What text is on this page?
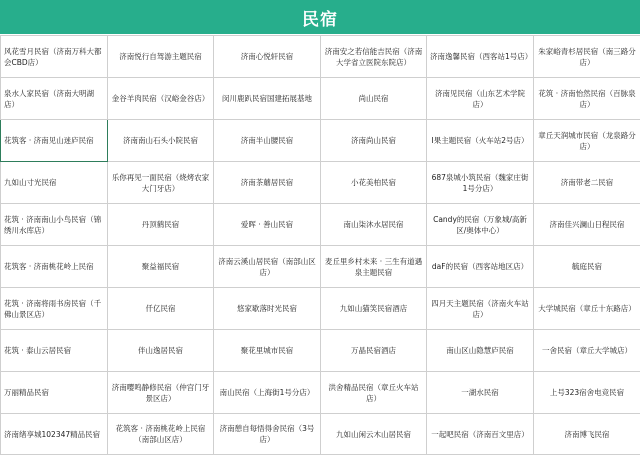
民宿
风花雪月民宿（济南万科大都会CBD店）	济南悦行自驾游主题民宿	济南心悦轩民宿	济南安之若信能吉民宿（济南大学省立医院东院店）	济南逸馨民宿（西客站1号店）	朱家峪青杉居民宿（南三路分店）
泉水人家民宿（济南大明湖店）	金谷羊肉民宿（汉峪金谷店）	闵川鹿趴民宿国建拓展基地	尚山民宿	济南见民宿（山东艺术学院店）	花筑 · 济南怡然民宿（百脉泉店）
花筑客 · 济南见山迷庐民宿	济南南山石头小院民宿	济南半山腰民宿	济南尚山民宿	I果主题民宿（火车站2号店）	章丘天润城市民宿（龙泉路分店）
九如山寸光民宿	乐你再见一面民宿（烧烤农家大门牙店）	济南茶蘑居民宿	小花美柏民宿	687泉城小筑民宿（魏家庄街1号分店）	济南带老二民宿
花筑 · 济南南山小鸟民宿（锦绣川水库店）	丹顶鹤民宿	爱晖 · 善山民宿	南山柒沐水居民宿	Candy的民宿（万象城/高新区/奥体中心）	济南佳兴澜山日程民宿
花筑客 · 济南桃花岭上民宿	聚益福民宿	济南云溪山居民宿（南部山区店）	麦丘里乡村未来 · 三生有道遇泉主题民宿	daF的民宿（西客站地区店）	毓庭民宿
花筑 · 济南将雨书房民宿（千佛山景区店）	仟亿民宿	悠家歇落时光民宿	九如山猫笑民宿酒店	四月天主题民宿（济南火车站店）	大学城民宿（章丘十东路店）
花筑 · 泰山云居民宿	伴山逸居民宿	聚花里城市民宿	万晶民宿酒店	南山区山隐慧庐民宿	一舍民宿（章丘大学城店）
万丽精品民宿	济南嘤鸣静修民宿（仲宫门牙景区店）	南山民宿（上海街1号分店）	洪舍精品民宿（章丘火车站店）	一湖水民宿	上号323宿舍电竞民宿
济南绪享城102347精品民宿	花筑客 · 济南桃花岭上民宿（南部山区店）	济南憩自每悟得舍民宿（3号店）	九如山闲云木山居民宿	一起吧民宿（济南百文里店）	济南博飞民宿
